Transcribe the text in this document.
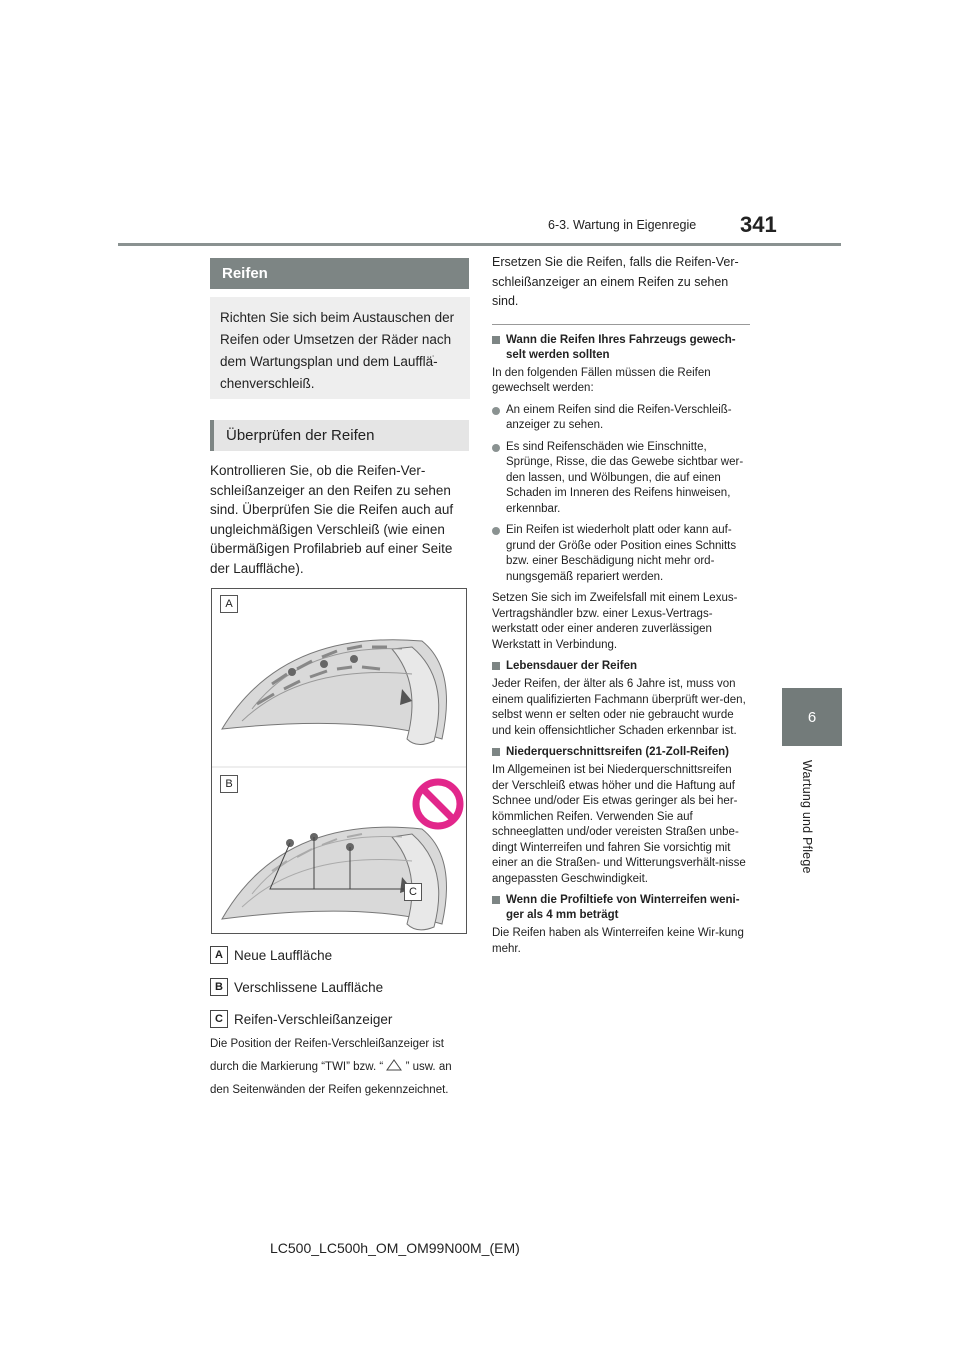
6-3. Wartung in Eigenregie 341
6
Wartung und Pflege
Reifen
Richten Sie sich beim Austauschen der Reifen oder Umsetzen der Räder nach dem Wartungsplan und dem Lauffläׂ-chenverschleiß.
Überprüfen der Reifen
Kontrollieren Sie, ob die Reifen-Ver-schleißanzeiger an den Reifen zu sehen sind. Überprüfen Sie die Reifen auch auf ungleichmäßigen Verschleiß (wie einen übermäßigen Profilabrieb auf einer Seite der Lauffläche).
A
B
C
A Neue Lauffläche
B Verschlissene Lauffläche
C Reifen-Verschleißanzeiger
Die Position der Reifen-Verschleißanzeiger ist
durch die Markierung “TWI” bzw. “ ” usw. an
den Seitenwänden der Reifen gekennzeichnet.

Ersetzen Sie die Reifen, falls die Reifen-Ver-schleißanzeiger an einem Reifen zu sehen sind.

Wann die Reifen Ihres Fahrzeugs gewech-selt werden sollten

In den folgenden Fällen müssen die Reifen gewechselt werden:

An einem Reifen sind die Reifen-Verschleiß-anzeiger zu sehen.
Es sind Reifenschäden wie Einschnitte, Sprünge, Risse, die das Gewebe sichtbar wer-den lassen, und Wölbungen, die auf einen Schaden im Inneren des Reifens hinweisen, erkennbar.
Ein Reifen ist wiederholt platt oder kann auf-grund der Größe oder Position eines Schnitts bzw. einer Beschädigung nicht mehr ord-nungsgemäß repariert werden.

Setzen Sie sich im Zweifelsfall mit einem Lexus-Vertragshändler bzw. einer Lexus-Vertrags-werkstatt oder einer anderen zuverlässigen Werkstatt in Verbindung.

Lebensdauer der Reifen

Jeder Reifen, der älter als 6 Jahre ist, muss von einem qualifizierten Fachmann überprüft wer-den, selbst wenn er selten oder nie gebraucht wurde und kein offensichtlicher Schaden erkennbar ist.

Niederquerschnittsreifen (21-Zoll-Reifen)

Im Allgemeinen ist bei Niederquerschnittsreifen der Verschleiß etwas höher und die Haftung auf Schnee und/oder Eis etwas geringer als bei her-kömmlichen Reifen. Verwenden Sie auf schneeglatten und/oder vereisten Straßen unbe-dingt Winterreifen und fahren Sie vorsichtig mit einer an die Straßen- und Witterungsverhält-nisse angepassten Geschwindigkeit.

Wenn die Profiltiefe von Winterreifen weni-ger als 4 mm beträgt

Die Reifen haben als Winterreifen keine Wir-kung mehr.

LC500_LC500h_OM_OM99N00M_(EM)
